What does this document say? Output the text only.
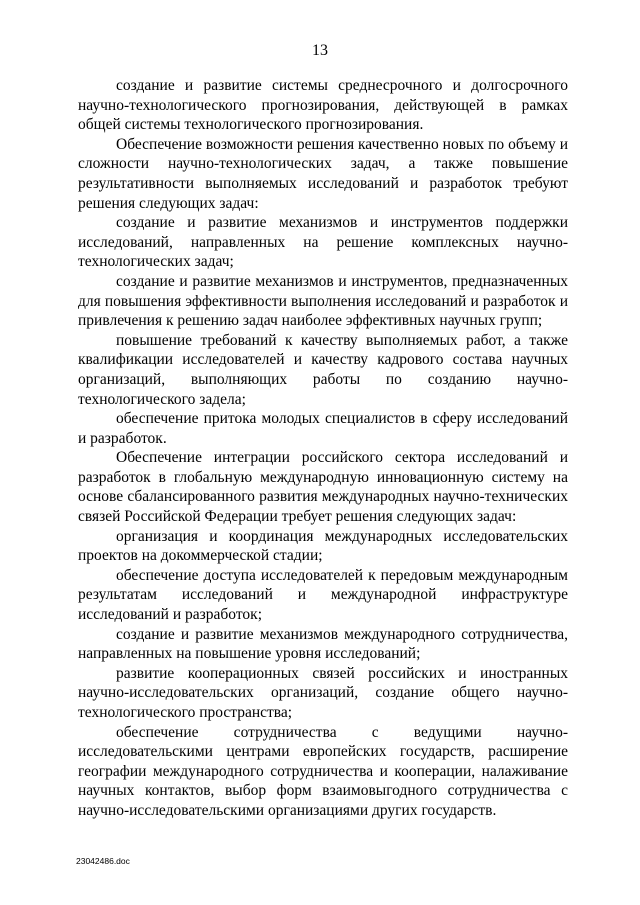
13

создание и развитие системы среднесрочного и долгосрочного научно-технологического прогнозирования, действующей в рамках общей системы технологического прогнозирования.

Обеспечение возможности решения качественно новых по объему и сложности научно-технологических задач, а также повышение результативности выполняемых исследований и разработок требуют решения следующих задач:

создание и развитие механизмов и инструментов поддержки исследований, направленных на решение комплексных научно-технологических задач;

создание и развитие механизмов и инструментов, предназначенных для повышения эффективности выполнения исследований и разработок и привлечения к решению задач наиболее эффективных научных групп;

повышение требований к качеству выполняемых работ, а также квалификации исследователей и качеству кадрового состава научных организаций, выполняющих работы по созданию научно-технологического задела;

обеспечение притока молодых специалистов в сферу исследований и разработок.

Обеспечение интеграции российского сектора исследований и разработок в глобальную международную инновационную систему на основе сбалансированного развития международных научно-технических связей Российской Федерации требует решения следующих задач:

организация и координация международных исследовательских проектов на докоммерческой стадии;

обеспечение доступа исследователей к передовым международным результатам исследований и международной инфраструктуре исследований и разработок;

создание и развитие механизмов международного сотрудничества, направленных на повышение уровня исследований;

развитие кооперационных связей российских и иностранных научно-исследовательских организаций, создание общего научно-технологического пространства;

обеспечение сотрудничества с ведущими научно-исследовательскими центрами европейских государств, расширение географии международного сотрудничества и кооперации, налаживание научных контактов, выбор форм взаимовыгодного сотрудничества с научно-исследовательскими организациями других государств.

23042486.doc
